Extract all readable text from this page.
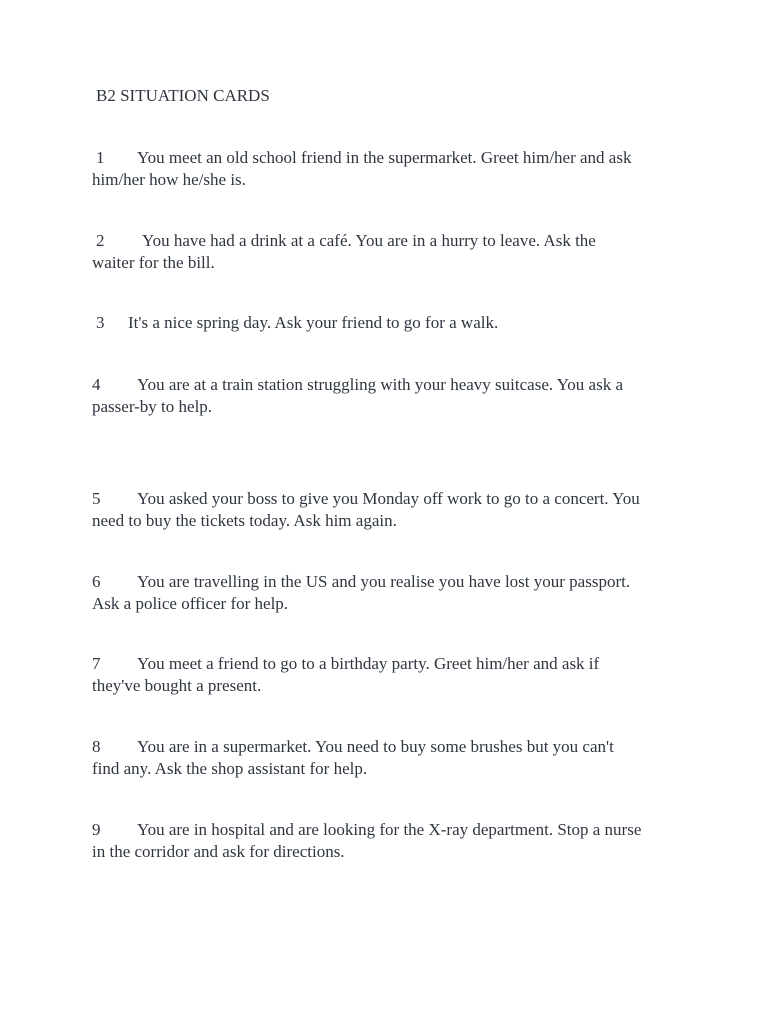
B2 SITUATION CARDS

1 You meet an old school friend in the supermarket. Greet him/her and ask

him/her how he/she is.

2 You have had a drink at a café. You are in a hurry to leave. Ask the

waiter for the bill.

3 It's a nice spring day. Ask your friend to go for a walk.

4 You are at a train station struggling with your heavy suitcase. You ask a

passer-by to help.

5 You asked your boss to give you Monday off work to go to a concert. You

need to buy the tickets today. Ask him again.

6 You are travelling in the US and you realise you have lost your passport.

Ask a police officer for help.

7 You meet a friend to go to a birthday party. Greet him/her and ask if

they've bought a present.

8 You are in a supermarket. You need to buy some brushes but you can't

find any. Ask the shop assistant for help.

9 You are in hospital and are looking for the X-ray department. Stop a nurse

in the corridor and ask for directions.
